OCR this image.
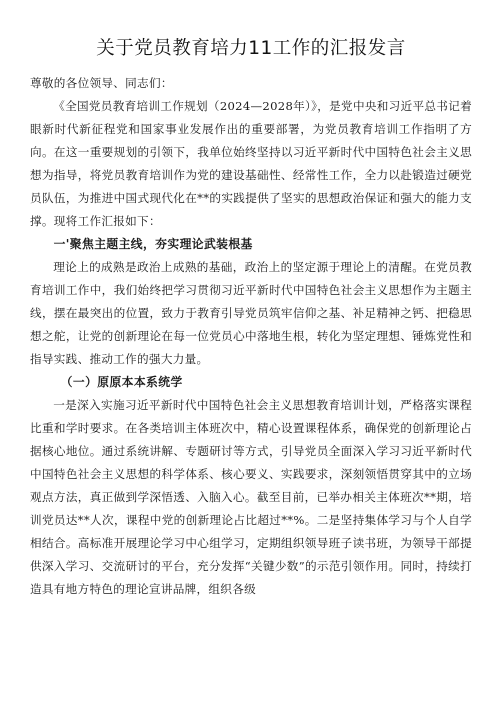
关于党员教育培力11工作的汇报发言

尊敬的各位领导、同志们：

《全国党员教育培训工作规划（2024—2028年）》，是党中央和习近平总书记着眼新时代新征程党和国家事业发展作出的重要部署，为党员教育培训工作指明了方向。在这一重要规划的引领下，我单位始终坚持以习近平新时代中国特色社会主义思想为指导，将党员教育培训作为党的建设基础性、经常性工作，全力以赴锻造过硬党员队伍，为推进中国式现代化在**的实践提供了坚实的思想政治保证和强大的能力支撑。现将工作汇报如下：

一'聚焦主题主线，夯实理论武装根基

理论上的成熟是政治上成熟的基础，政治上的坚定源于理论上的清醒。在党员教育培训工作中，我们始终把学习贯彻习近平新时代中国特色社会主义思想作为主题主线，摆在最突出的位置，致力于教育引导党员筑牢信仰之基、补足精神之钙、把稳思想之舵，让党的创新理论在每一位党员心中落地生根，转化为坚定理想、锤炼党性和指导实践、推动工作的强大力量。

（一）原原本本系统学

一是深入实施习近平新时代中国特色社会主义思想教育培训计划，严格落实课程比重和学时要求。在各类培训主体班次中，精心设置课程体系，确保党的创新理论占据核心地位。通过系统讲解、专题研讨等方式，引导党员全面深入学习习近平新时代中国特色社会主义思想的科学体系、核心要义、实践要求，深刻领悟贯穿其中的立场观点方法，真正做到学深悟透、入脑入心。截至目前，已举办相关主体班次**期，培训党员达**人次，课程中党的创新理论占比超过**%。二是坚持集体学习与个人自学相结合。高标准开展理论学习中心组学习，定期组织领导班子读书班，为领导干部提供深入学习、交流研讨的平台，充分发挥“关键少数”的示范引领作用。同时，持续打造具有地方特色的理论宣讲品牌，组织各级
